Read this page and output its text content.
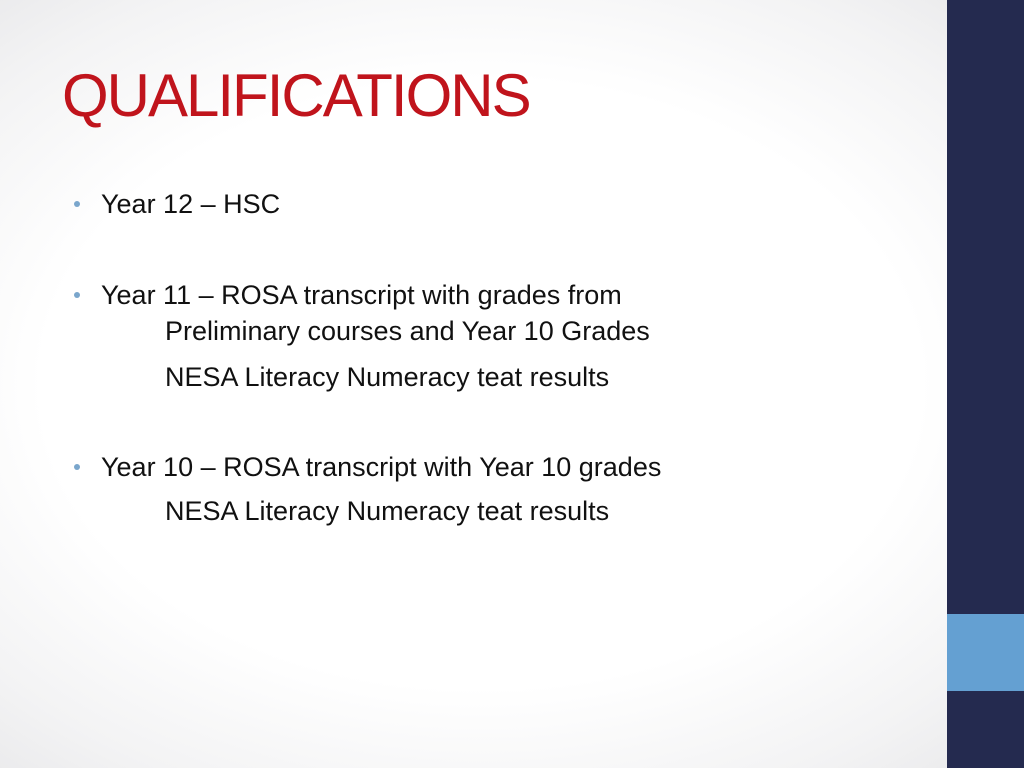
QUALIFICATIONS
Year 12 – HSC
Year 11 – ROSA transcript with grades from
Preliminary courses and Year 10 Grades
NESA Literacy Numeracy teat results
Year 10 – ROSA transcript with Year 10 grades
NESA Literacy Numeracy teat results
